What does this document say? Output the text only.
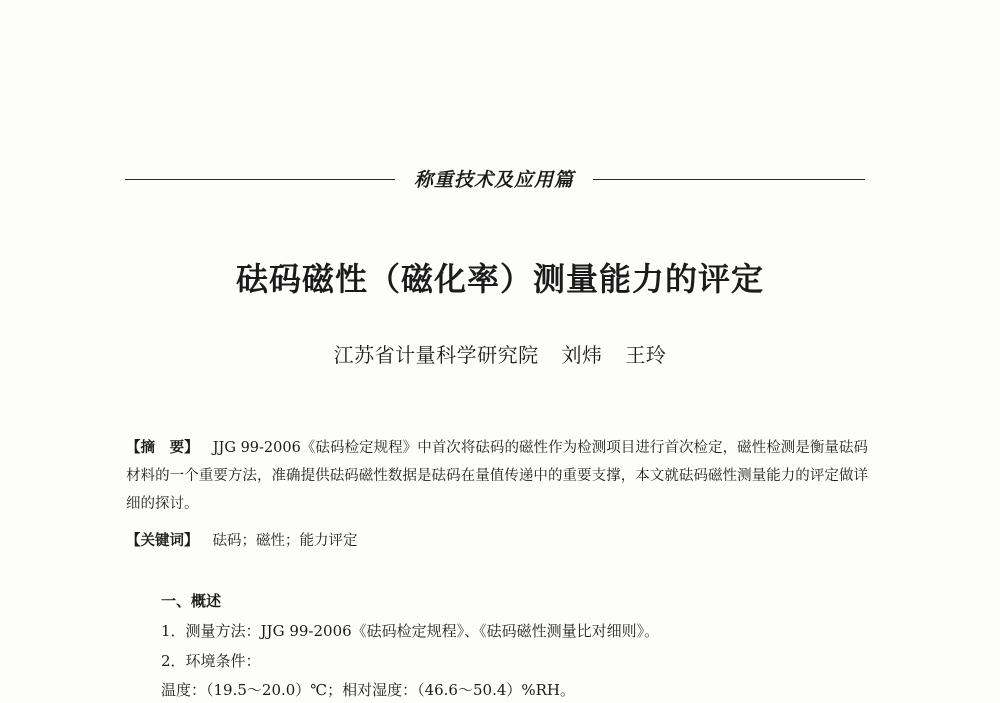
称重技术及应用篇
砝码磁性（磁化率）测量能力的评定
江苏省计量科学研究院 刘炜 王玲
【摘　要】 JJG 99-2006《砝码检定规程》中首次将砝码的磁性作为检测项目进行首次检定，磁性检测是衡量砝码材料的一个重要方法，准确提供砝码磁性数据是砝码在量值传递中的重要支撑，本文就砝码磁性测量能力的评定做详细的探讨。
【关键词】 砝码；磁性；能力评定
一、概述
1．测量方法：JJG 99-2006《砝码检定规程》、《砝码磁性测量比对细则》。
2．环境条件：
温度：（19.5～20.0）℃；相对湿度：（46.6～50.4）%RH。
